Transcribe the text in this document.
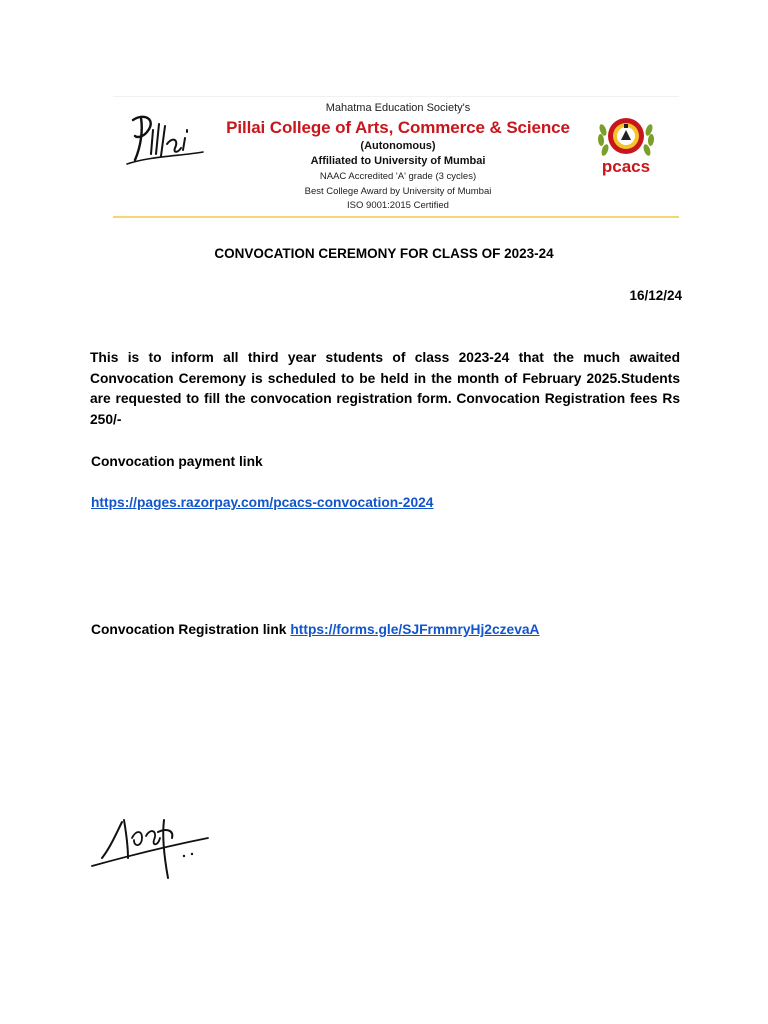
Mahatma Education Society's
Pillai College of Arts, Commerce & Science
(Autonomous)
Affiliated to University of Mumbai
NAAC Accredited 'A' grade (3 cycles)
Best College Award by University of Mumbai
ISO 9001:2015 Certified
pcacs
CONVOCATION CEREMONY FOR CLASS OF 2023-24
16/12/24
This is to inform all third year students of class 2023-24 that the much awaited Convocation Ceremony is scheduled to be held in the month of February 2025.Students are requested to fill the convocation registration form. Convocation Registration fees Rs 250/-
Convocation payment link
https://pages.razorpay.com/pcacs-convocation-2024
Convocation Registration link https://forms.gle/SJFrmmryHj2czevaA
